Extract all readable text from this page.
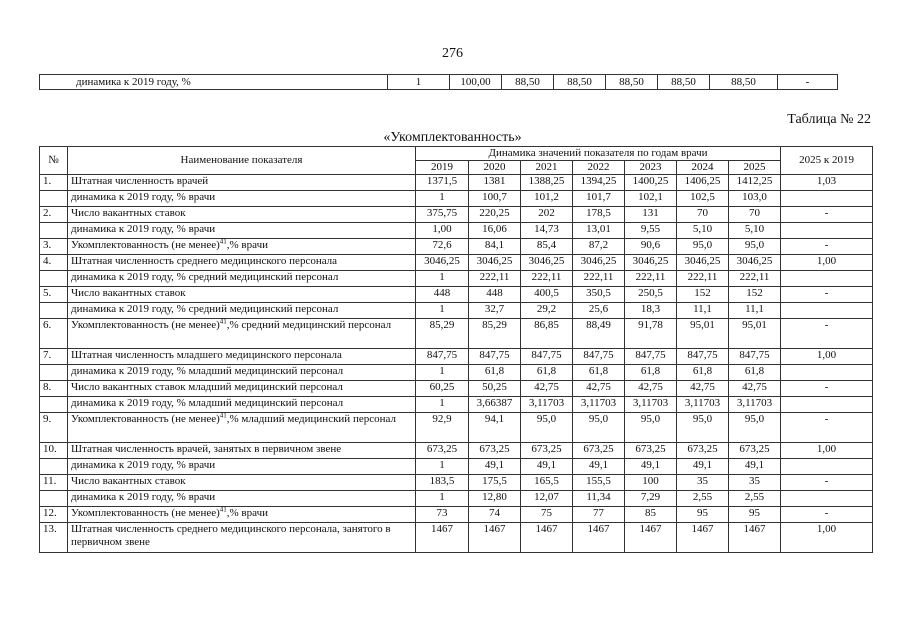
276
динамика к 2019 году, %	1	100,00	88,50	88,50	88,50	88,50	88,50	-
Таблица № 22
«Укомплектованность»
№	Наименование показателя	Динамика значений показателя по годам врачи							2025 к 2019
		2019	2020	2021	2022	2023	2024	2025	
1.	Штатная численность врачей	1371,5	1381	1388,25	1394,25	1400,25	1406,25	1412,25	1,03
	динамика к 2019 году, % врачи	1	100,7	101,2	101,7	102,1	102,5	103,0	
2.	Число вакантных ставок	375,75	220,25	202	178,5	131	70	70	-
	динамика к 2019 году, % врачи	1,00	16,06	14,73	13,01	9,55	5,10	5,10	
3.	Укомплектованность (не менее)$^{41}$,% врачи	72,6	84,1	85,4	87,2	90,6	95,0	95,0	-
4.	Штатная численность среднего медицинского персонала	3046,25	3046,25	3046,25	3046,25	3046,25	3046,25	3046,25	1,00
	динамика к 2019 году, % средний медицинский персонал	1	222,11	222,11	222,11	222,11	222,11	222,11	
5.	Число вакантных ставок	448	448	400,5	350,5	250,5	152	152	-
	динамика к 2019 году, % средний медицинский персонал	1	32,7	29,2	25,6	18,3	11,1	11,1	
6.	Укомплектованность (не менее)$^{41}$,% средний медицинский персонал	85,29	85,29	86,85	88,49	91,78	95,01	95,01	-
7.	Штатная численность младшего медицинского персонала	847,75	847,75	847,75	847,75	847,75	847,75	847,75	1,00
	динамика к 2019 году, % младший медицинский персонал	1	61,8	61,8	61,8	61,8	61,8	61,8	
8.	Число вакантных ставок младший медицинский персонал	60,25	50,25	42,75	42,75	42,75	42,75	42,75	-
	динамика к 2019 году, % младший медицинский персонал	1	3,66387	3,11703	3,11703	3,11703	3,11703	3,11703	
9.	Укомплектованность (не менее)$^{41}$,% младший медицинский персонал	92,9	94,1	95,0	95,0	95,0	95,0	95,0	-
10.	Штатная численность врачей, занятых в первичном звене	673,25	673,25	673,25	673,25	673,25	673,25	673,25	1,00
	динамика к 2019 году, % врачи	1	49,1	49,1	49,1	49,1	49,1	49,1	
11.	Число вакантных ставок	183,5	175,5	165,5	155,5	100	35	35	-
	динамика к 2019 году, % врачи	1	12,80	12,07	11,34	7,29	2,55	2,55	
12.	Укомплектованность (не менее)$^{41}$,% врачи	73	74	75	77	85	95	95	-
13.	Штатная численность среднего медицинского персонала, занятого в первичном звене	1467	1467	1467	1467	1467	1467	1467	1,00
